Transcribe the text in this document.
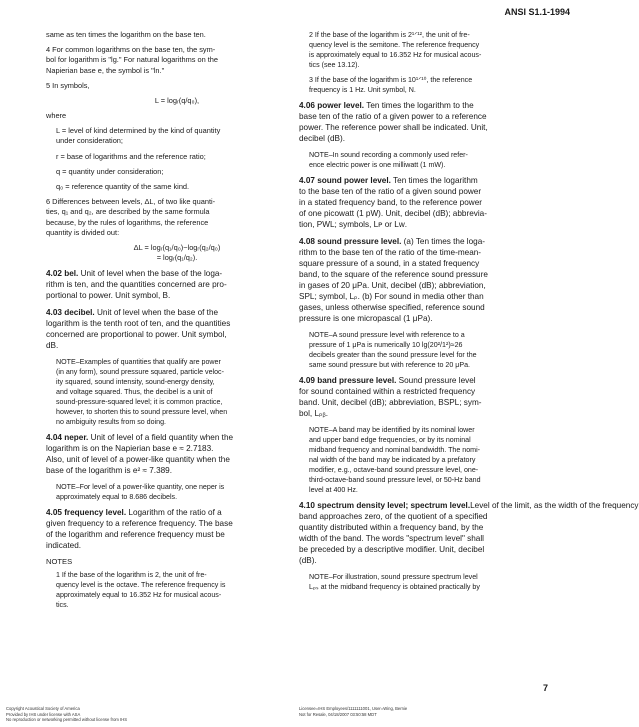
ANSI S1.1-1994
same as ten times the logarithm on the base ten.
4 For common logarithms on the base ten, the sym-
bol for logarithm is "lg." For natural logarithms on the
Napierian base e, the symbol is "ln."
5 In symbols,
L = logᵣ(q/q₀),
where
L = level of kind determined by the kind of quantity
under consideration;
r = base of logarithms and the reference ratio;
q = quantity under consideration;
q₀ = reference quantity of the same kind.
6 Differences between levels, ΔL, of two like quanti-
ties, q₁ and q₂, are described by the same formula
because, by the rules of logarithms, the reference
quantity is divided out:
ΔL = logᵣ(q₁/q₀)−logᵣ(q₂/q₀)
= logᵣ(q₁/q₂).
4.02 bel. Unit of level when the base of the loga-
rithm is ten, and the quantities concerned are pro-
portional to power. Unit symbol, B.
4.03 decibel. Unit of level when the base of the
logarithm is the tenth root of ten, and the quantities
concerned are proportional to power. Unit symbol,
dB.
NOTE–Examples of quantities that qualify are power
(in any form), sound pressure squared, particle veloc-
ity squared, sound intensity, sound-energy density,
and voltage squared. Thus, the decibel is a unit of
sound-pressure-squared level; it is common practice,
however, to shorten this to sound pressure level, when
no ambiguity results from so doing.
4.04 neper. Unit of level of a field quantity when the
logarithm is on the Napierian base e ≈ 2.7183.
Also, unit of level of a power-like quantity when the
base of the logarithm is e² ≈ 7.389.
NOTE–For level of a power-like quantity, one neper is
approximately equal to 8.686 decibels.
4.05 frequency level. Logarithm of the ratio of a
given frequency to a reference frequency. The base
of the logarithm and reference frequency must be
indicated.
NOTES
1 If the base of the logarithm is 2, the unit of fre-
quency level is the octave. The reference frequency is
approximately equal to 16.352 Hz for musical acous-
tics.
2 If the base of the logarithm is 2¹ᐟ¹², the unit of fre-
quency level is the semitone. The reference frequency
is approximately equal to 16.352 Hz for musical acous-
tics (see 13.12).
3 If the base of the logarithm is 10¹ᐟ¹⁰, the reference
frequency is 1 Hz. Unit symbol, N.
4.06 power level. Ten times the logarithm to the
base ten of the ratio of a given power to a reference
power. The reference power shall be indicated. Unit,
decibel (dB).
NOTE–In sound recording a commonly used refer-
ence electric power is one milliwatt (1 mW).
4.07 sound power level. Ten times the logarithm
to the base ten of the ratio of a given sound power
in a stated frequency band, to the reference power
of one picowatt (1 pW). Unit, decibel (dB); abbrevia-
tion, PWL; symbols, Lᴘ or Lᴡ.
4.08 sound pressure level. (a) Ten times the loga-
rithm to the base ten of the ratio of the time-mean-
square pressure of a sound, in a stated frequency
band, to the square of the reference sound pressure
in gases of 20 μPa. Unit, decibel (dB); abbreviation,
SPL; symbol, Lₚ. (b) For sound in media other than
gases, unless otherwise specified, reference sound
pressure is one micropascal (1 μPa).
NOTE–A sound pressure level with reference to a
pressure of 1 μPa is numerically 10 lg(20²/1²)≈26
decibels greater than the sound pressure level for the
same sound pressure but with reference to 20 μPa.
4.09 band pressure level. Sound pressure level
for sound contained within a restricted frequency
band. Unit, decibel (dB); abbreviation, BSPL; sym-
bol, Lₚᵦ.
NOTE–A band may be identified by its nominal lower
and upper band edge frequencies, or by its nominal
midband frequency and nominal bandwidth. The nomi-
nal width of the band may be indicated by a prefatory
modifier, e.g., octave-band sound pressure level, one-
third-octave-band sound pressure level, or 50-Hz band
level at 400 Hz.
4.10 spectrum density level; spectrum level.Level of the limit, as the width of the frequency
band approaches zero, of the quotient of a specified
quantity distributed within a frequency band, by the
width of the band. The words "spectrum level" shall
be preceded by a descriptive modifier. Unit, decibel
(dB).
NOTE–For illustration, sound pressure spectrum level
Lₚₛ at the midband frequency is obtained practically by
7
Copyright Acoustical Society of America
Provided by IHS under license with ASA
No reproduction or networking permitted without license from IHS
Licensee=IHS Employees/1111111001, User=Wing, Bernie
Not for Resale, 04/18/2007 03:50:58 MDT
